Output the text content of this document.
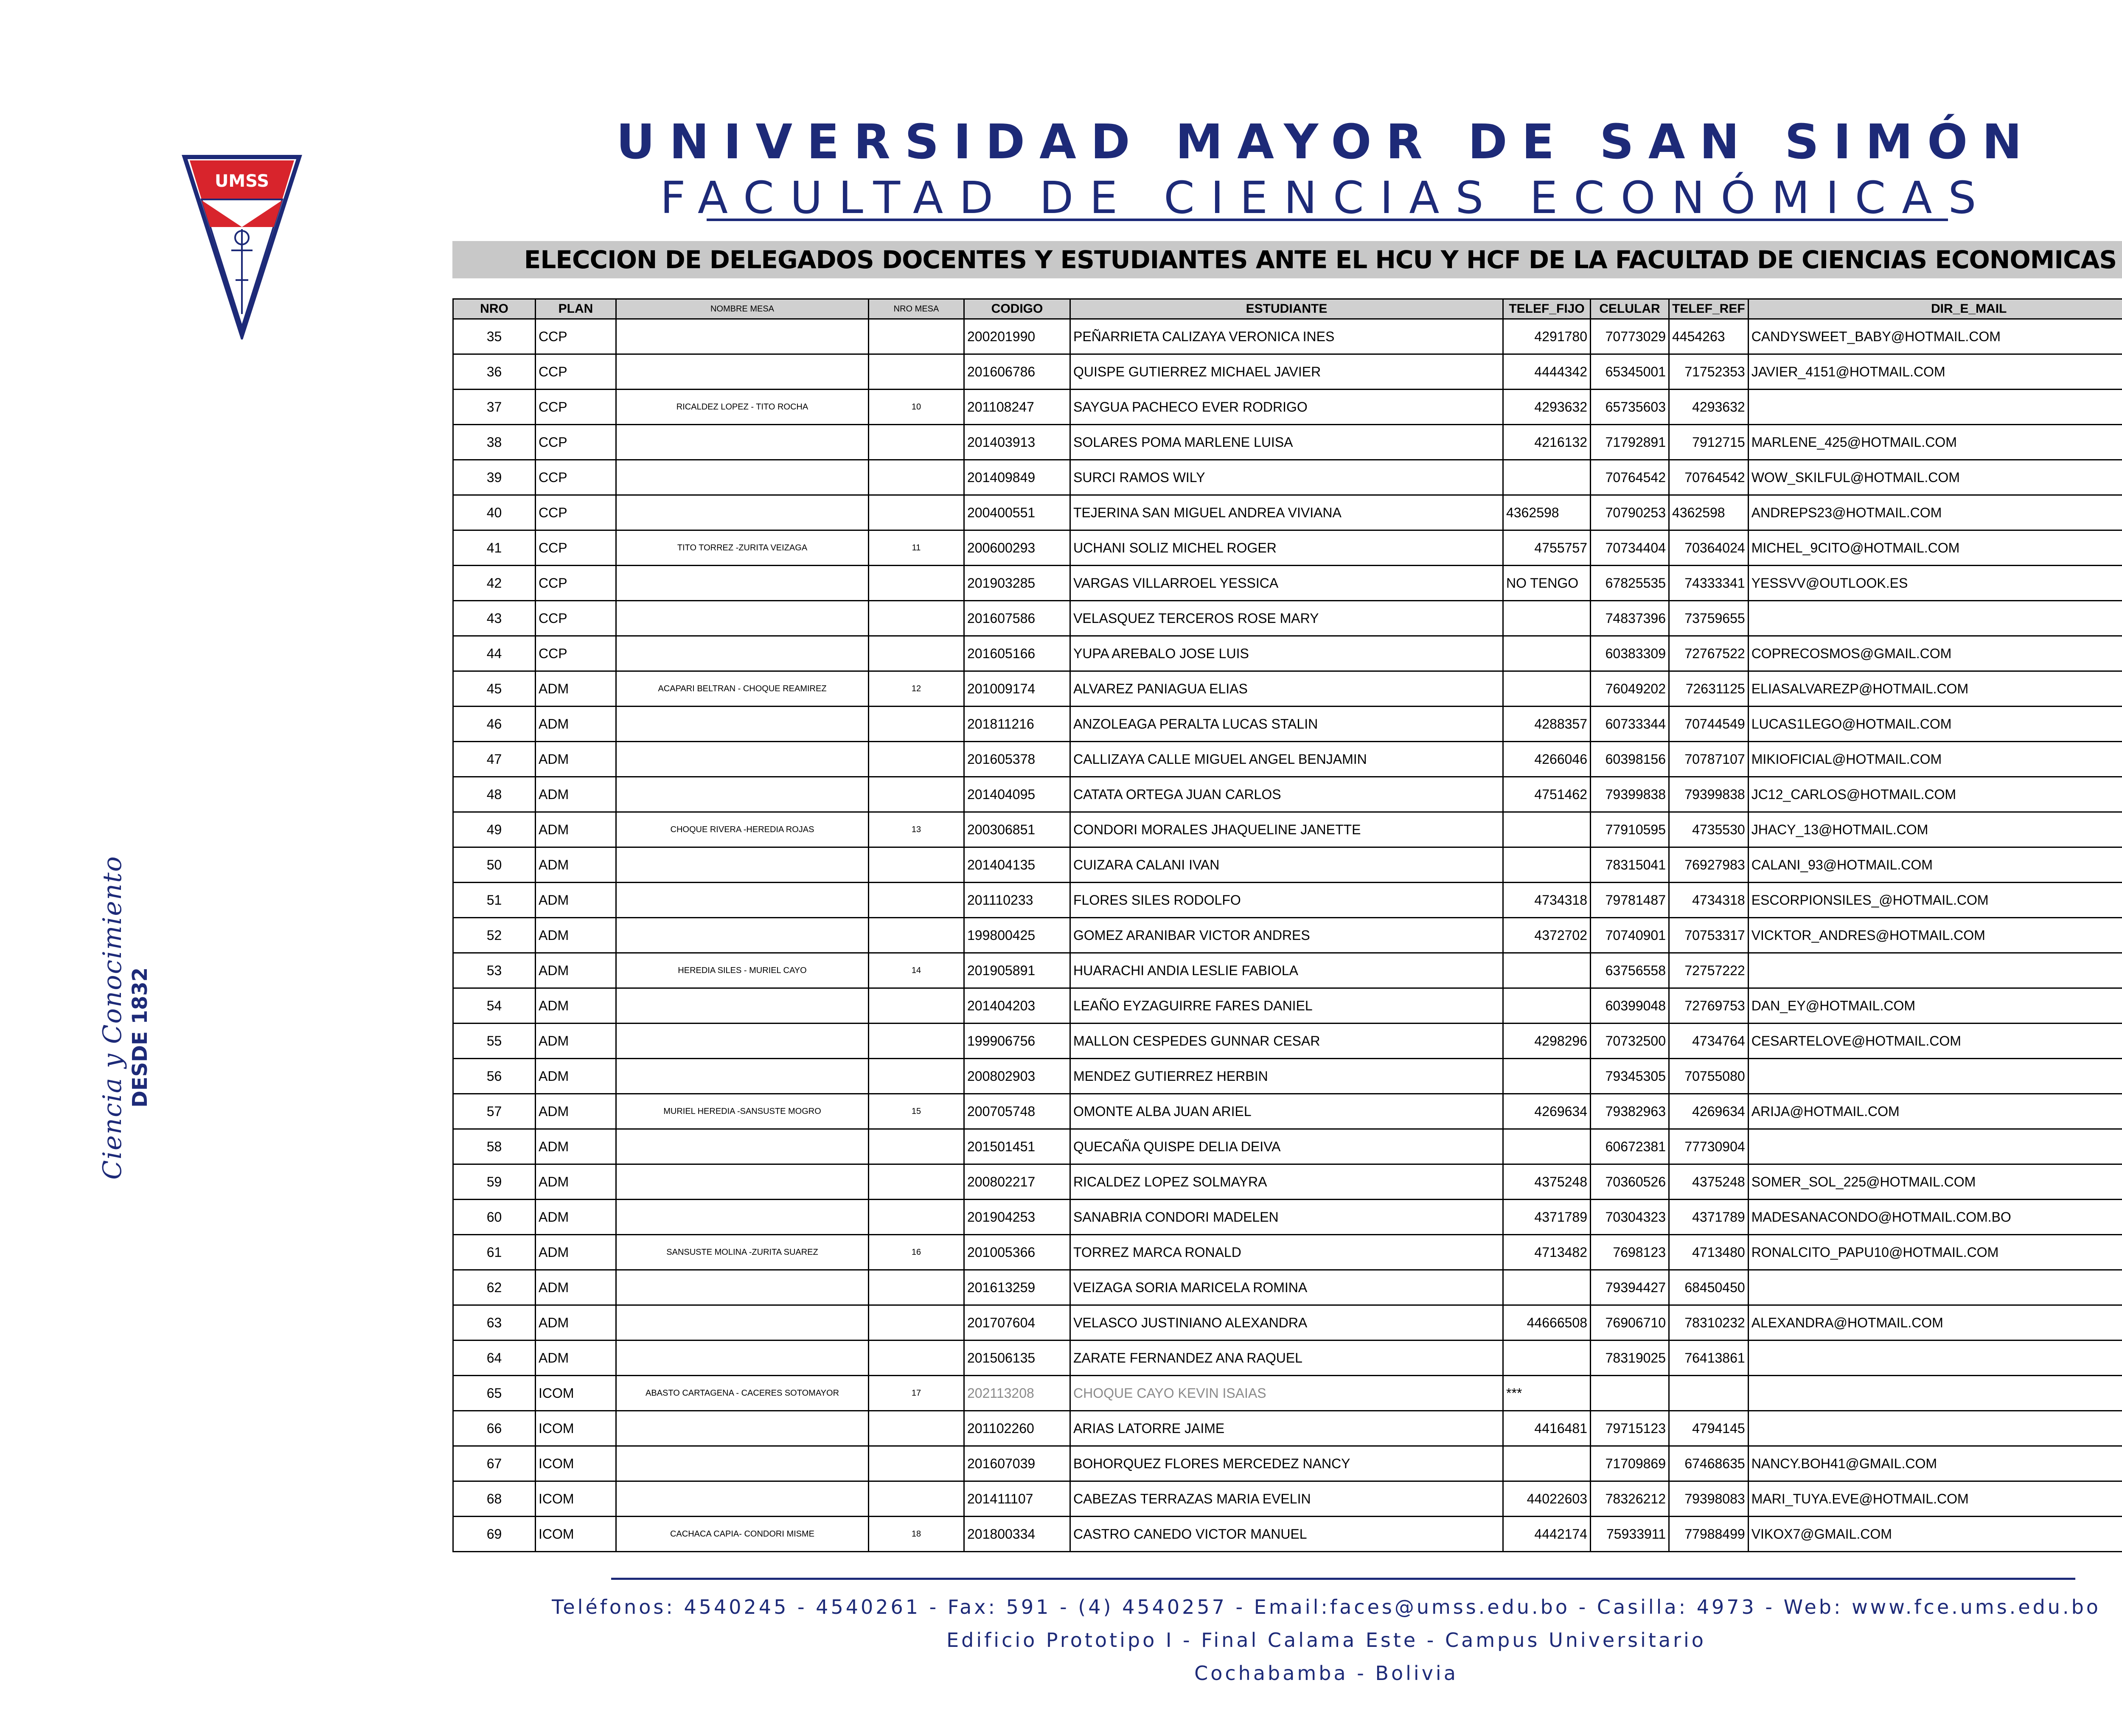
UMSS
UNIVERSIDAD MAYOR DE SAN SIMÓN
FACULTAD DE CIENCIAS ECONÓMICAS
ELECCION DE DELEGADOS DOCENTES Y ESTUDIANTES ANTE EL HCU Y HCF DE LA FACULTAD DE CIENCIAS ECONOMICAS
Ciencia y Conocimiento DESDE 1832
NRO	PLAN	NOMBRE MESA	NRO MESA	CODIGO	ESTUDIANTE	TELEF_FIJO	CELULAR	TELEF_REF	DIR_E_MAIL
35	CCP			200201990	PEÑARRIETA CALIZAYA VERONICA INES	4291780	70773029	4454263	CANDYSWEET_BABY@HOTMAIL.COM
36	CCP			201606786	QUISPE GUTIERREZ MICHAEL JAVIER	4444342	65345001	71752353	JAVIER_4151@HOTMAIL.COM
37	CCP	RICALDEZ LOPEZ - TITO ROCHA	10	201108247	SAYGUA PACHECO EVER RODRIGO	4293632	65735603	4293632	
38	CCP			201403913	SOLARES POMA MARLENE LUISA	4216132	71792891	7912715	MARLENE_425@HOTMAIL.COM
39	CCP			201409849	SURCI RAMOS WILY		70764542	70764542	WOW_SKILFUL@HOTMAIL.COM
40	CCP			200400551	TEJERINA SAN MIGUEL ANDREA VIVIANA	4362598	70790253	4362598	ANDREPS23@HOTMAIL.COM
41	CCP	TITO TORREZ -ZURITA VEIZAGA	11	200600293	UCHANI SOLIZ MICHEL ROGER	4755757	70734404	70364024	MICHEL_9CITO@HOTMAIL.COM
42	CCP			201903285	VARGAS VILLARROEL YESSICA	NO TENGO	67825535	74333341	YESSVV@OUTLOOK.ES
43	CCP			201607586	VELASQUEZ TERCEROS ROSE MARY		74837396	73759655	
44	CCP			201605166	YUPA AREBALO JOSE LUIS		60383309	72767522	COPRECOSMOS@GMAIL.COM
45	ADM	ACAPARI BELTRAN - CHOQUE REAMIREZ	12	201009174	ALVAREZ PANIAGUA ELIAS		76049202	72631125	ELIASALVAREZP@HOTMAIL.COM
46	ADM			201811216	ANZOLEAGA PERALTA LUCAS STALIN	4288357	60733344	70744549	LUCAS1LEGO@HOTMAIL.COM
47	ADM			201605378	CALLIZAYA CALLE MIGUEL ANGEL BENJAMIN	4266046	60398156	70787107	MIKIOFICIAL@HOTMAIL.COM
48	ADM			201404095	CATATA ORTEGA JUAN CARLOS	4751462	79399838	79399838	JC12_CARLOS@HOTMAIL.COM
49	ADM	CHOQUE RIVERA -HEREDIA ROJAS	13	200306851	CONDORI MORALES JHAQUELINE JANETTE		77910595	4735530	JHACY_13@HOTMAIL.COM
50	ADM			201404135	CUIZARA CALANI IVAN		78315041	76927983	CALANI_93@HOTMAIL.COM
51	ADM			201110233	FLORES SILES RODOLFO	4734318	79781487	4734318	ESCORPIONSILES_@HOTMAIL.COM
52	ADM			199800425	GOMEZ ARANIBAR VICTOR ANDRES	4372702	70740901	70753317	VICKTOR_ANDRES@HOTMAIL.COM
53	ADM	HEREDIA SILES - MURIEL CAYO	14	201905891	HUARACHI ANDIA LESLIE FABIOLA		63756558	72757222	
54	ADM			201404203	LEAÑO EYZAGUIRRE FARES DANIEL		60399048	72769753	DAN_EY@HOTMAIL.COM
55	ADM			199906756	MALLON CESPEDES GUNNAR CESAR	4298296	70732500	4734764	CESARTELOVE@HOTMAIL.COM
56	ADM			200802903	MENDEZ GUTIERREZ HERBIN		79345305	70755080	
57	ADM	MURIEL HEREDIA -SANSUSTE MOGRO	15	200705748	OMONTE ALBA JUAN ARIEL	4269634	79382963	4269634	ARIJA@HOTMAIL.COM
58	ADM			201501451	QUECAÑA QUISPE DELIA DEIVA		60672381	77730904	
59	ADM			200802217	RICALDEZ LOPEZ SOLMAYRA	4375248	70360526	4375248	SOMER_SOL_225@HOTMAIL.COM
60	ADM			201904253	SANABRIA CONDORI MADELEN	4371789	70304323	4371789	MADESANACONDO@HOTMAIL.COM.BO
61	ADM	SANSUSTE MOLINA -ZURITA SUAREZ	16	201005366	TORREZ MARCA RONALD	4713482	7698123	4713480	RONALCITO_PAPU10@HOTMAIL.COM
62	ADM			201613259	VEIZAGA SORIA MARICELA ROMINA		79394427	68450450	
63	ADM			201707604	VELASCO JUSTINIANO ALEXANDRA	44666508	76906710	78310232	ALEXANDRA@HOTMAIL.COM
64	ADM			201506135	ZARATE FERNANDEZ ANA RAQUEL		78319025	76413861	
65	ICOM	ABASTO CARTAGENA - CACERES SOTOMAYOR	17	202113208	CHOQUE CAYO KEVIN ISAIAS	***			
66	ICOM			201102260	ARIAS LATORRE JAIME	4416481	79715123	4794145	
67	ICOM			201607039	BOHORQUEZ FLORES MERCEDEZ NANCY		71709869	67468635	NANCY.BOH41@GMAIL.COM
68	ICOM			201411107	CABEZAS TERRAZAS MARIA EVELIN	44022603	78326212	79398083	MARI_TUYA.EVE@HOTMAIL.COM
69	ICOM	CACHACA CAPIA- CONDORI MISME	18	201800334	CASTRO CANEDO VICTOR MANUEL	4442174	75933911	77988499	VIKOX7@GMAIL.COM
Teléfonos: 4540245 - 4540261 - Fax: 591 - (4) 4540257 - Email:faces@umss.edu.bo - Casilla: 4973 - Web: www.fce.ums.edu.bo
Edificio Prototipo I - Final Calama Este - Campus Universitario
Cochabamba - Bolivia
